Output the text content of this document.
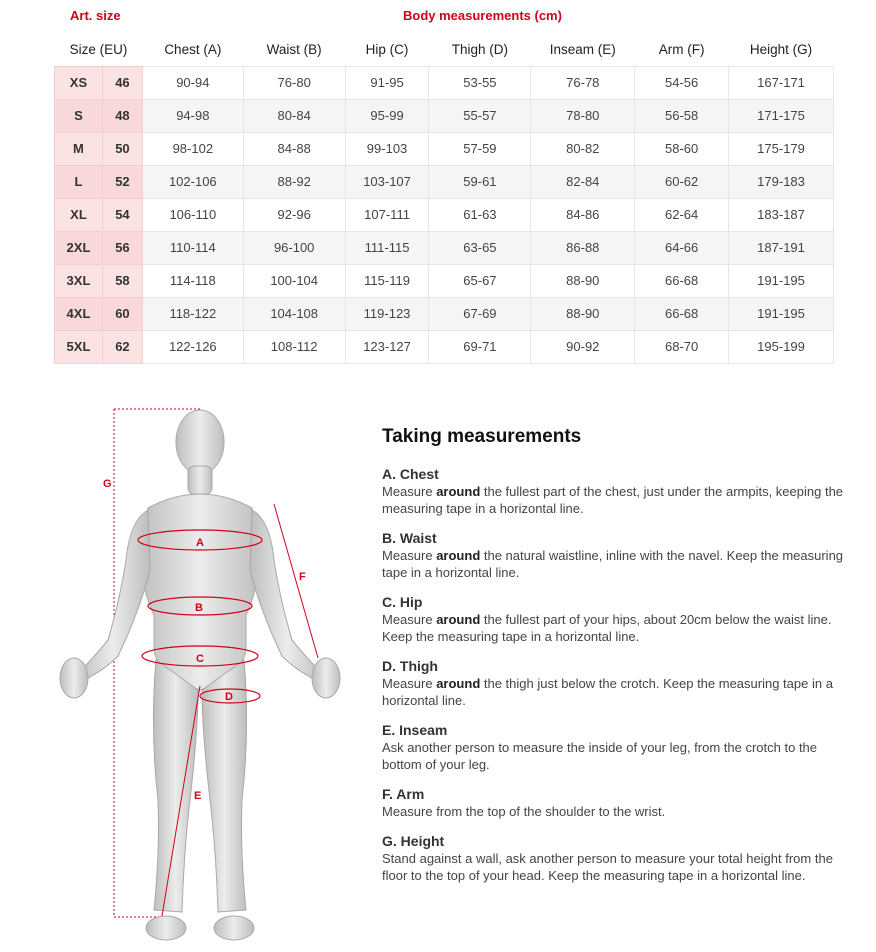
Art. size	Body measurements (cm)
Size (EU)		Chest (A)	Waist (B)	Hip (C)	Thigh (D)	Inseam (E)	Arm (F)	Height (G)
XS	46	90-94	76-80	91-95	53-55	76-78	54-56	167-171
S	48	94-98	80-84	95-99	55-57	78-80	56-58	171-175
M	50	98-102	84-88	99-103	57-59	80-82	58-60	175-179
L	52	102-106	88-92	103-107	59-61	82-84	60-62	179-183
XL	54	106-110	92-96	107-111	61-63	84-86	62-64	183-187
2XL	56	110-114	96-100	111-115	63-65	86-88	64-66	187-191
3XL	58	114-118	100-104	115-119	65-67	88-90	66-68	191-195
4XL	60	118-122	104-108	119-123	67-69	88-90	66-68	191-195
5XL	62	122-126	108-112	123-127	69-71	90-92	68-70	195-199
A
B
C
D
E
F
G
Taking measurements
A. Chest
Measure around the fullest part of the chest, just under the armpits, keeping the measuring tape in a horizontal line.
B. Waist
Measure around the natural waistline, inline with the navel. Keep the measuring tape in a horizontal line.
C. Hip
Measure around the fullest part of your hips, about 20cm below the waist line. Keep the measuring tape in a horizontal line.
D. Thigh
Measure around the thigh just below the crotch. Keep the measuring tape in a horizontal line.
E. Inseam
Ask another person to measure the inside of your leg, from the crotch to the bottom of your leg.
F. Arm
Measure from the top of the shoulder to the wrist.
G. Height
Stand against a wall, ask another person to measure your total height from the floor to the top of your head. Keep the measuring tape in a horizontal line.
